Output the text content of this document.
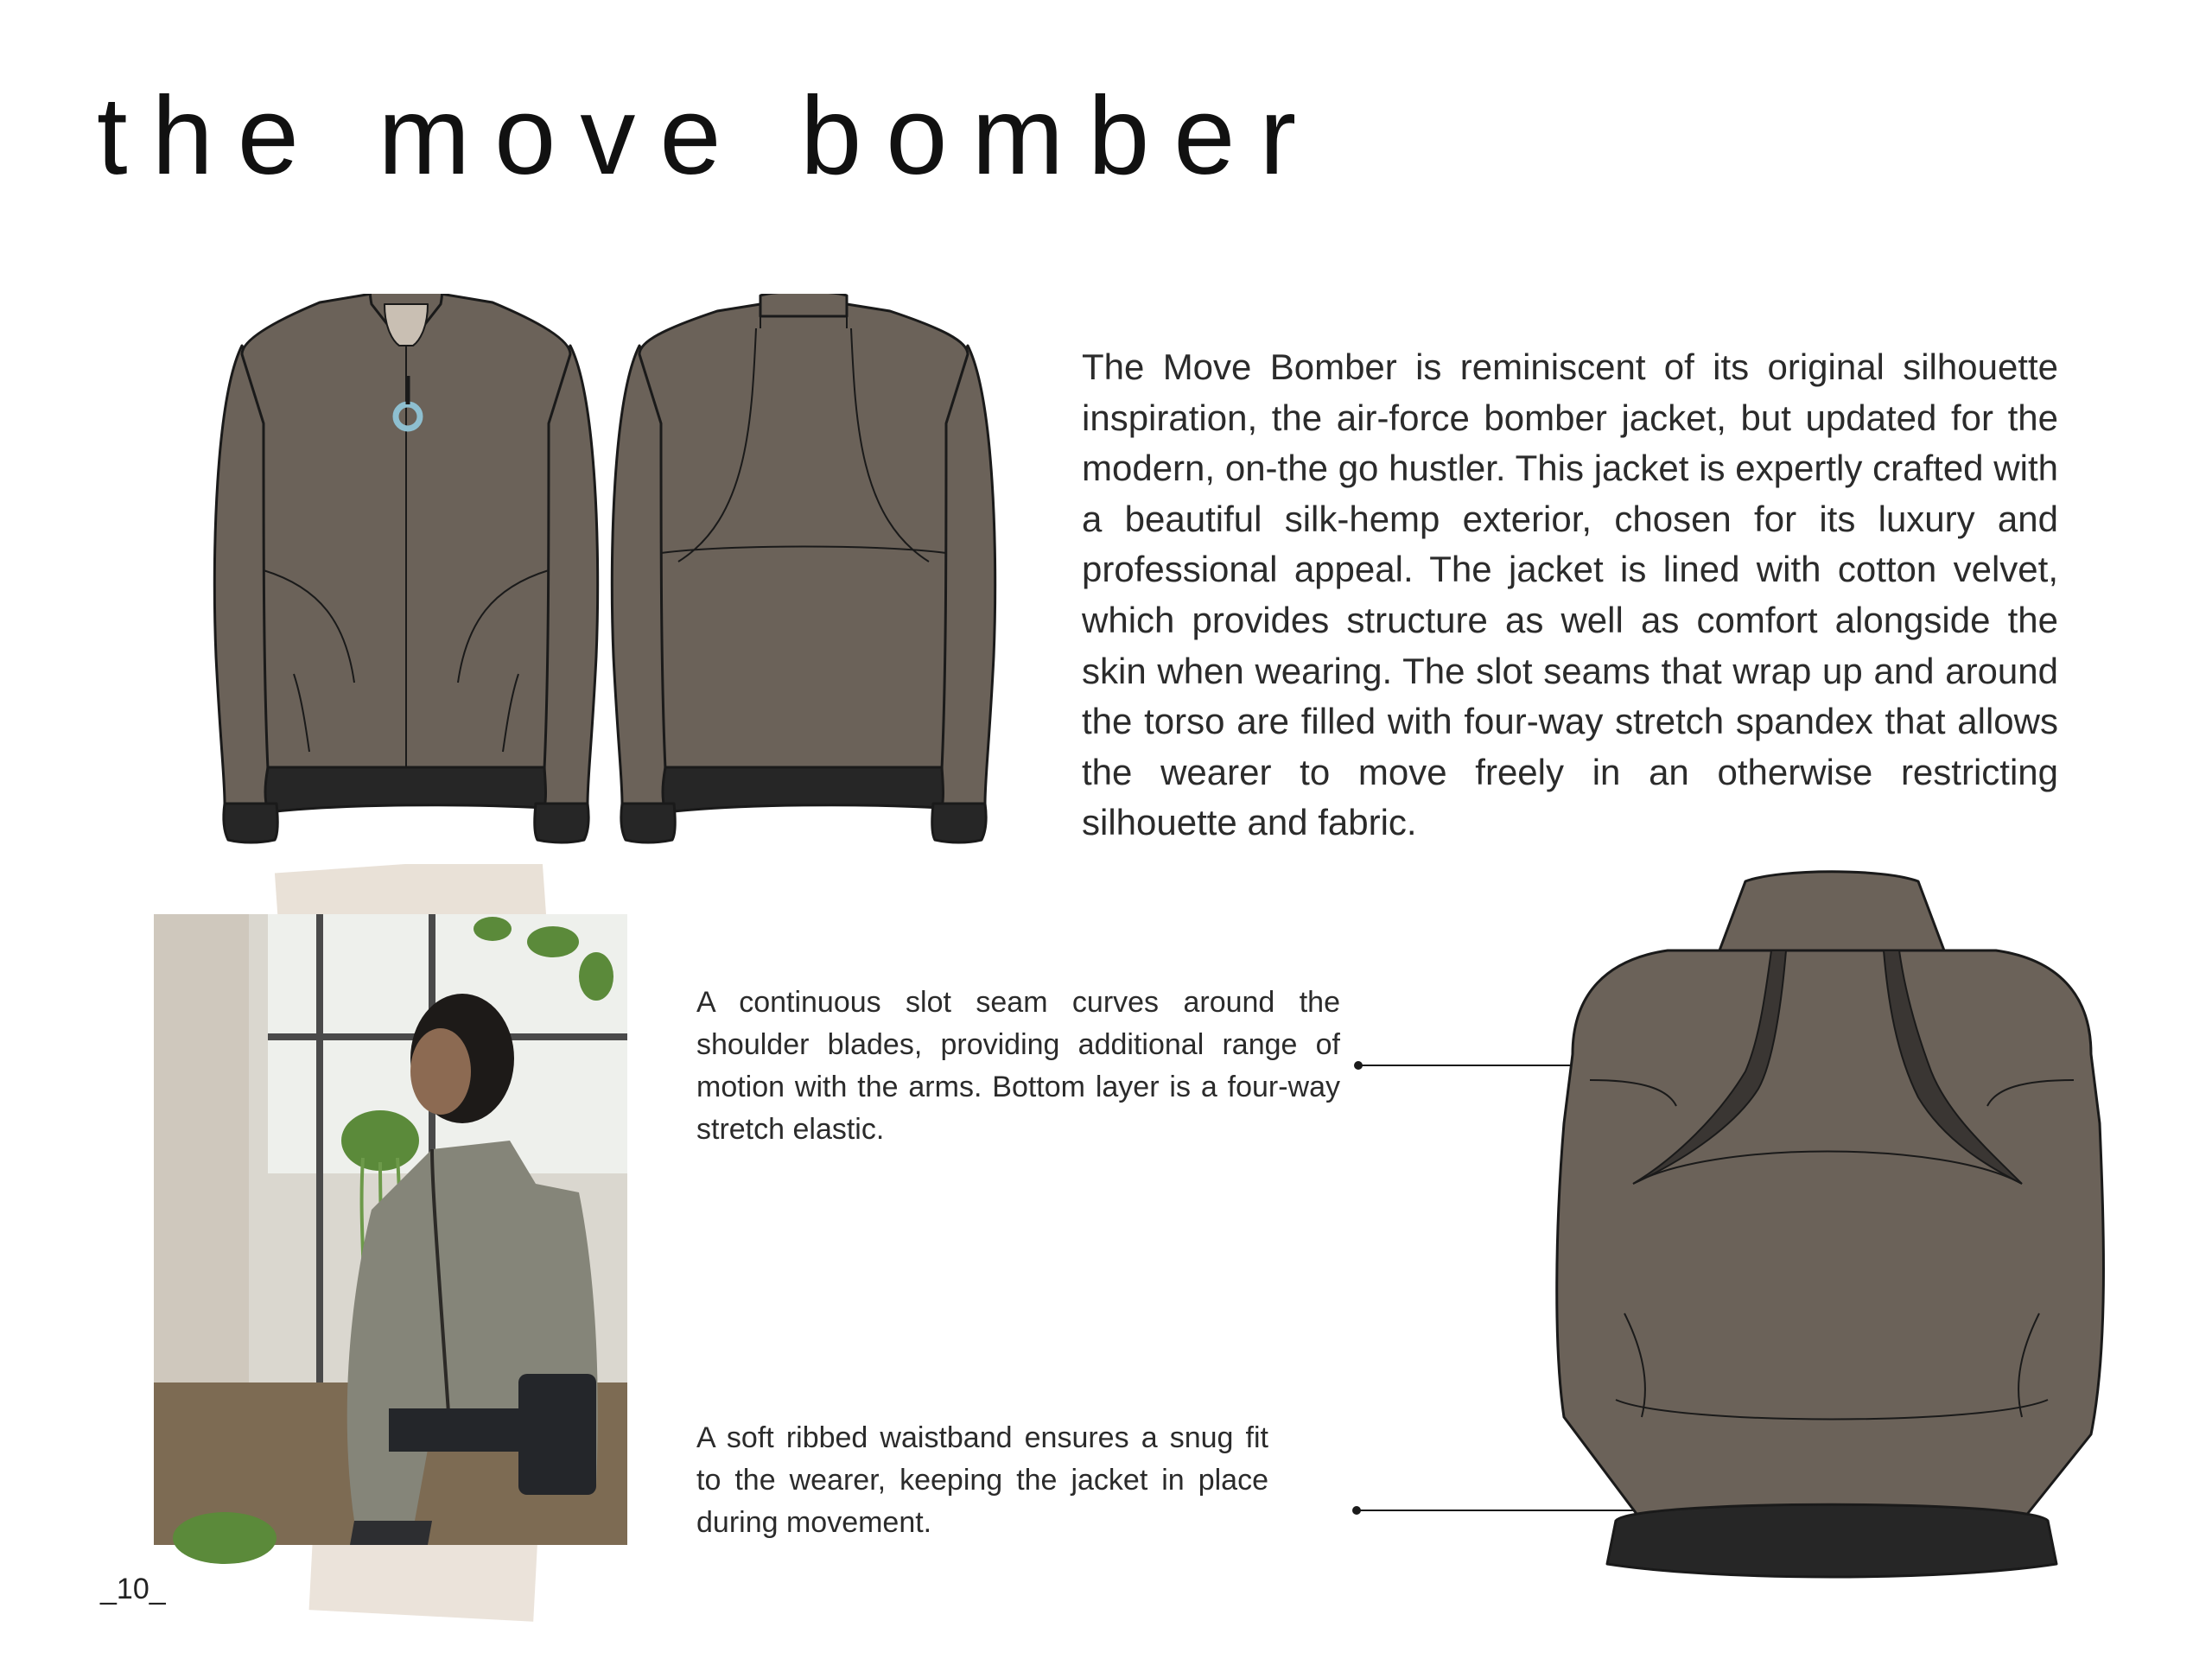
the move bomber

The Move Bomber is reminiscent of its original silhouette inspiration, the air-force bomber jacket, but updated for the modern, on-the go hustler. This jacket is expertly crafted with a beautiful silk-hemp exterior, chosen for its luxury and professional appeal. The jacket is lined with cotton velvet, which provides structure as well as comfort alongside the skin when wearing. The slot seams that wrap up and around the torso are filled with four-way stretch spandex that allows the wearer to move freely in an otherwise restricting silhouette and fabric.

A continuous slot seam curves around the shoulder blades, providing additional range of motion with the arms. Bottom layer is a four-way stretch elastic.

A soft ribbed waistband ensures a snug fit to the wearer, keeping the jacket in place during movement.

_10_
